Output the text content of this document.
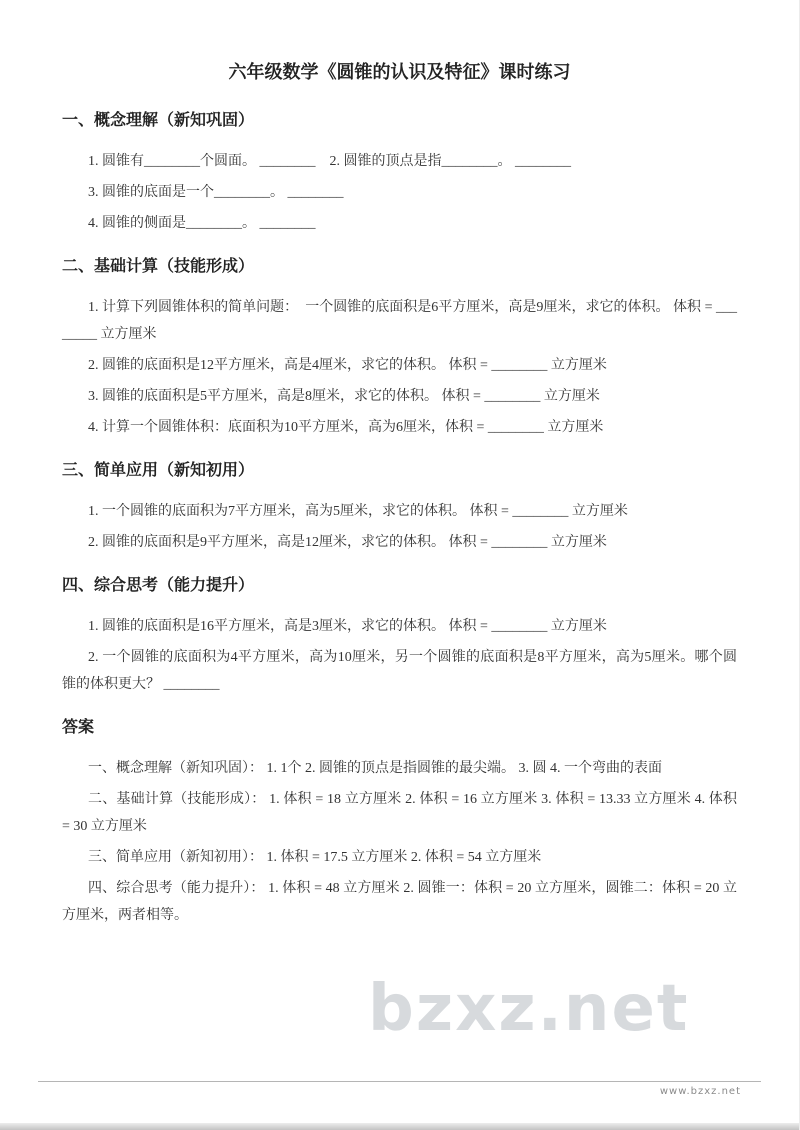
bzxz.net
六年级数学《圆锥的认识及特征》课时练习
一、概念理解（新知巩固）

1. 圆锥有________个圆面。 ________　2. 圆锥的顶点是指________。 ________

3. 圆锥的底面是一个________。 ________

4. 圆锥的侧面是________。 ________

二、基础计算（技能形成）

1. 计算下列圆锥体积的简单问题：　一个圆锥的底面积是6平方厘米，高是9厘米，求它的体积。 体积 = ________ 立方厘米

2. 圆锥的底面积是12平方厘米，高是4厘米，求它的体积。 体积 = ________ 立方厘米

3. 圆锥的底面积是5平方厘米，高是8厘米，求它的体积。 体积 = ________ 立方厘米

4. 计算一个圆锥体积：底面积为10平方厘米，高为6厘米，体积 = ________ 立方厘米

三、简单应用（新知初用）

1. 一个圆锥的底面积为7平方厘米，高为5厘米，求它的体积。 体积 = ________ 立方厘米

2. 圆锥的底面积是9平方厘米，高是12厘米，求它的体积。 体积 = ________ 立方厘米

四、综合思考（能力提升）

1. 圆锥的底面积是16平方厘米，高是3厘米，求它的体积。 体积 = ________ 立方厘米

2. 一个圆锥的底面积为4平方厘米，高为10厘米，另一个圆锥的底面积是8平方厘米，高为5厘米。哪个圆锥的体积更大？ ________

答案

一、概念理解（新知巩固）： 1. 1个 2. 圆锥的顶点是指圆锥的最尖端。 3. 圆 4. 一个弯曲的表面

二、基础计算（技能形成）： 1. 体积 = 18 立方厘米 2. 体积 = 16 立方厘米 3. 体积 = 13.33 立方厘米 4. 体积 = 30 立方厘米

三、简单应用（新知初用）： 1. 体积 = 17.5 立方厘米 2. 体积 = 54 立方厘米

四、综合思考（能力提升）： 1. 体积 = 48 立方厘米 2. 圆锥一：体积 = 20 立方厘米，圆锥二：体积 = 20 立方厘米，两者相等。

www.bzxz.net
